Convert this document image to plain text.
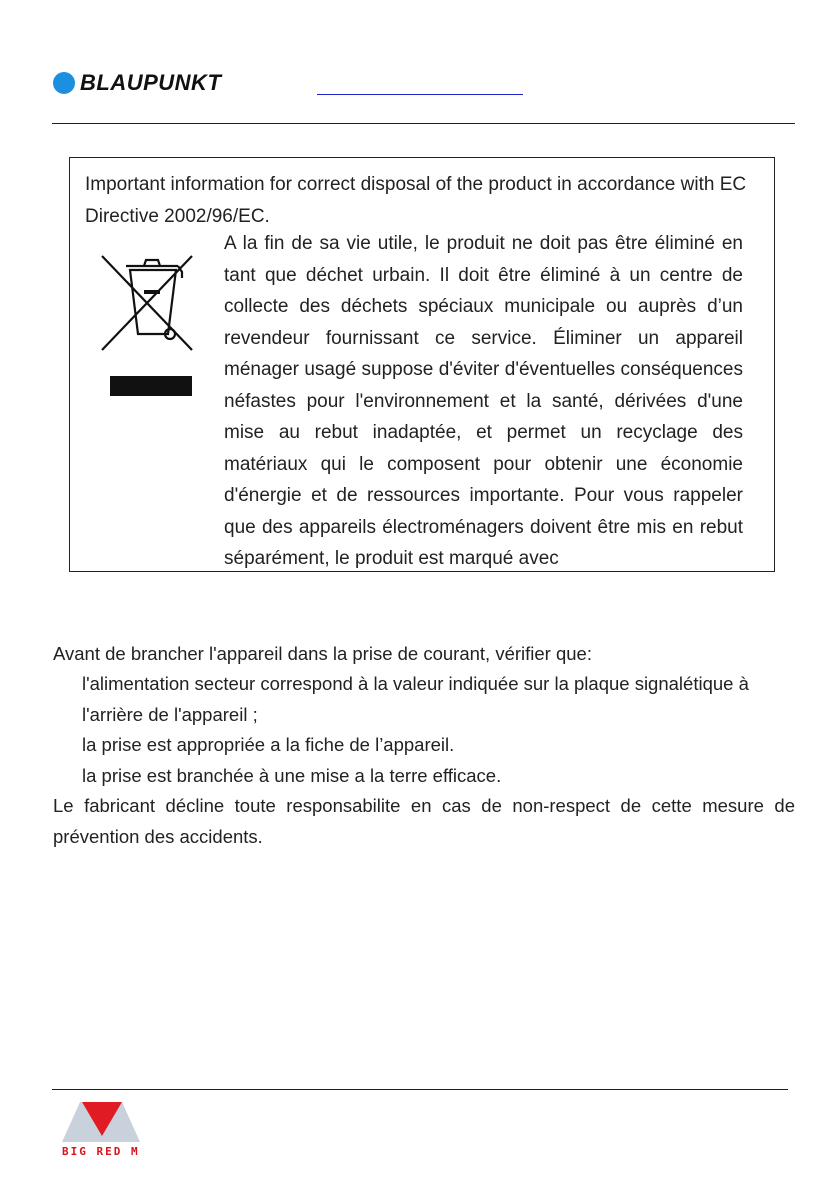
BLAUPUNKT

Important information for correct disposal of the product in accordance with EC Directive 2002/96/EC.

A la fin de sa vie utile, le produit ne doit pas être éliminé en tant que déchet urbain. Il doit être éliminé à un centre de collecte des déchets spéciaux municipale ou auprès d’un revendeur fournissant ce service. Éliminer un appareil ménager usagé suppose d'éviter d'éventuelles conséquences néfastes pour l'environnement et la santé, dérivées d'une mise au rebut inadaptée, et permet un recyclage des matériaux qui le composent pour obtenir une économie d'énergie et de ressources importante. Pour vous rappeler que des appareils électroménagers doivent être mis en rebut séparément, le produit est marqué avec

Avant de brancher l'appareil dans la prise de courant, vérifier que:

l'alimentation secteur correspond à la valeur indiquée sur la plaque signalétique à l'arrière de l'appareil ;
la prise est appropriée a la fiche de l’appareil.
la prise est branchée à une mise a la terre efficace.

Le fabricant décline toute responsabilite en cas de non-respect de cette mesure de prévention des accidents.

BIG RED M
